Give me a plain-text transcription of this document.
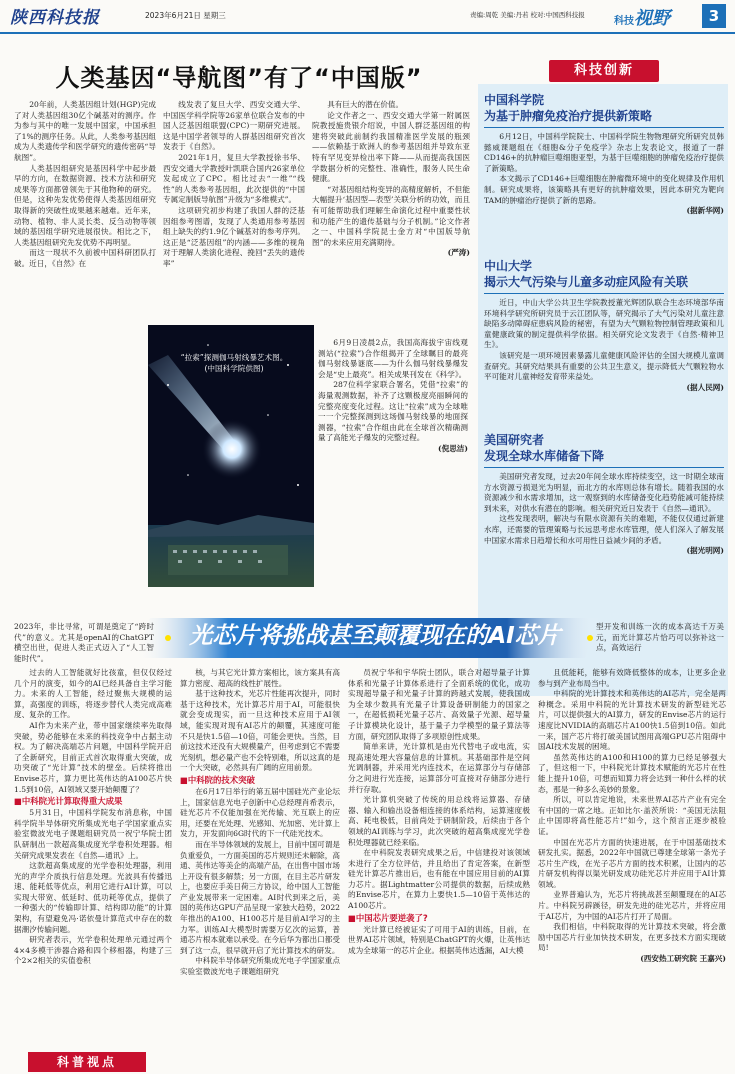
陕西科技报	2023年6月21日 星期三	责编:周乾 美编:丹若 校对:中国西科技报
科技视野	3
人类基因“导航图”有了“中国版”

20年前，人类基因组计划(HGP)完成了对人类基因组30亿个碱基对的测序。作为参与其中的唯一发展中国家，中国承担了1%的测序任务。从此，人类参考基因组成为人类遗传学和医学研究的遗传密码“导航图”。

人类基因组研究是基因科学中起步最早的方向，在数据资源、技术方法和研究成果等方面都曾领先于其他物种的研究。但是，这种先发优势使得人类基因组研究取得新的突破性成果越来越难。近年来，动物、植物、非人灵长类、反刍动物等领域的基因组学研究进展很快。相比之下，人类基因组研究先发优势不再明显。

而这一现状不久前被中国科研团队打破。近日，《自然》在

线发表了复旦大学、西安交通大学、中国医学科学院等26家单位联合发布的中国人泛基因组联盟(CPC)一期研究进展。这是中国学者领导的人群基因组研究首次发表于《自然》。

2021年1月，复旦大学教授徐书华、西安交通大学教授叶凯联合国内26家单位发起成立了CPC。相比过去“一维”“线性”的人类参考基因组，此次提供的“中国专属定制版导航图”升级为“多维模式”。

这项研究初步构建了我国人群的泛基因组参考图谱，发现了人类通用参考基因组上缺失的约1.9亿个碱基对的参考序列。这正是“泛基因组”的内涵——多维的视角对于理解人类演化进程、挽回“丢失的遗传率”

具有巨大的潜在价值。

论文作者之一、西安交通大学第一附属医院教授施贵银介绍说，中国人群泛基因组的构建将突破此前制约我国精准医学发展的瓶颈——依赖基于欧洲人的参考基因组并导致东亚特有罕见变异检出率下降——从而提高我国医学数据分析的完整性、准确性，服务人民生命健康。

“对基因组结构变异的高精度解析，不但能大幅提升‘基因型—表型’关联分析的功效，而且有可能帮助我们理解生命演化过程中重要性状和功能产生的遗传基础与分子机制。”论文作者之一、中国科学院昆士金方对“中国版导航图”的未来应用充满期待。

(严涛)

“拉索”探测伽马射线暴艺术图。
(中国科学院供图)

6月9日凌晨2点，我国高海拔宇宙线观测站(“拉索”)合作组揭开了全球瞩目的最亮伽马射线暴谜底——为什么伽马射线暴爆发会是“史上最亮”。相关成果刊发在《科学》。

287位科学家联合署名，凭借“拉索”的海量观测数据，补齐了这颗极度亮丽瞬间的完整亮度变化过程。这让“拉索”成为全球唯一一个完整探测到这场伽马射线暴的地面探测器，“拉索”合作组由此在全球首次精确测量了高能光子爆发的完整过程。

(倪思洁)

科技创新
中国科学院
为基于肿瘤免疫治疗提供新策略

6月12日，中国科学院院士、中国科学院生物物理研究所研究员韩懿威课题组在《细胞&分子免疫学》杂志上发表论文，报道了一群CD146+的抗肿瘤巨噬细胞亚型，为基于巨噬细胞的肿瘤免疫治疗提供了新策略。

本文揭示了CD146+巨噬细胞在肿瘤微环境中的变化规律及作用机制。研究成果将，该策略具有更好的抗肿瘤效果，因此本研究为靶向TAM的肿瘤治疗提供了新的思路。

(据新华网)

中山大学
揭示大气污染与儿童多动症风险有关联

近日，中山大学公共卫生学院教授董光辉团队联合生态环境部华南环境科学研究所研究员于云江团队等，研究揭示了大气污染对儿童注意缺陷多动障碍症患病风险的秘密，有望为大气颗粒物控制管理政策和儿童健康政策的制定提供科学依据。相关研究论文发表于《自然·精神卫生》。

该研究是一项环境因素暴露儿童健康风险评估的全国大规模儿童调查研究。其研究结果具有重要的公共卫生意义，提示降低大气颗粒物水平可能对儿童神经发育带来益处。

(据人民网)

美国研究者
发现全球水库储备下降

美国研究者发现，过去20年间全球水库持续变空，这一时期全球南方水资源亏损退光为明显，而北方的水库则总体有增长。随着我国的水资源减少和水需求增加，这一观察到的水库储备变化趋势能减可能持续到未来，对供水有潜在的影响。相关研究近日发表于《自然—通讯》。

这些发现表明，解决与有限水资源有关的难题，不能仅仅通过新建水库，还需要的管理策略与长远思考虑水库管理，使人们深入了解发展中国家水需求日趋增长和水可用性日益减少间的矛盾。

(据光明网)

光芯片将挑战甚至颠覆现在的AI芯片

2023年，非比寻常，可谓是奠定了“跨时代”的意义。尤其是openAI的ChatGPT横空出世，促进人类正式迈入了“人工智能时代”。

型开发和训练一次的成本高达千万美元，而光计算芯片恰巧可以弥补这一点，高效运行

过去的人工智能就好比孩童，但仅仅经过几个月的演变，如今的AI已经具备自主学习能力。未来的人工智能，经过聚焦大规模的运算，高强度的训练，将逐步替代人类完成高难度、复杂的工作。

AI作为未来产业，带中国家继续率先取得突破，势必能够在未来的科技竞争中占据主动权。为了解决高端芯片问题，中国科学院开启了全新研究，目前正式首次取得重大突破，成功突破了“光计算”技术的壁垒。后续将推出Envise芯片，算力更比英伟达的A100芯片快1.5到10倍，AI领域又要开始颠覆了？

■中科院光计算取得重大成果

5月31日，中国科学院发布消息称，中国科学院半导体研究所集成光电子学国家重点实验室微波光电子课题组研究员一祝宁华院士团队研制出一款超高集成度光学卷积处理器。相关研究成果发表在《自然—通讯》上。

这款超高集成度的光学卷积处理器，利用光的声学介质执行信息处理。光波具有传播迅速、能耗低等优点，利用它进行AI计算，可以实现大带宽、低延时、低功耗等优点，提供了一种强大的“传输即计算、结构即功能”的计算架构，有望避免冯·诺依曼计算范式中存在的数据潮汐传输问题。

研究者表示，光学卷积处理单元通过两个4×4多模干涉器合路和四个移相器，构建了三个2×2相关的实值卷积

核，与其它光计算方案相比，该方案具有高算力密度、超高的线性扩展性。

基于这种技术，光芯片性能再次提升，同时基于这种技术，光计算芯片用于AI，可能很快就会变成现实，而一旦这种技术应用于AI领域，能实现对现有AI芯片的颠覆，其速度可能不只是快1.5倍—10倍，可能会更快。当然，目前这技术还没有大规模量产，但考虑到它不需要光刻机，想必量产也不会特别难，所以这真的是一个大突破，必然具有广阔的应用前景。

■中科院的技术突破

在6月17日举行的第五届中国硅光产业论坛上，国家信息光电子创新中心总经理肖希表示，硅光芯片不仅能加强在光传输、光互联上的应用，还要在光处理、光感知、光加密、光计算上发力，开发面向6G时代的下一代硅光技术。

而在半导体领域的发展上，目前中国可谓是负重爱负，一方面美国的芯片规则还未解除，高通、英伟达等美企的高端产品，在出售中国市场上开设有很多解禁；另一方面，在目主芯片研发上，也要应手美日荷三方协议，给中国人工智能产业发展带来一定困难。AI时代到来之后，美国的英伟达GPU产品呈现一家独大趋势，2022年推出的A100、H100芯片是目前AI学习的主力军。训练AI大模型时需要万亿次的运算，普通芯片根本就难以承受。在今后华为都出口都受到了这一点，很早就开启了光计算技术的研发。

中科院半导体研究所集成光电子学国家重点实验室微波光电子课题组研究

员祝宁华和宇华院士团队，联合对超导量子计算体系和光量子计算体系进行了全面系统的优化，成功实现超导量子和光量子计算的跨越式发展，使我国成为全球少数具有光量子计算设备研制能力的国家之一，在超低损耗光量子芯片、高效量子光源、超导量子计算模块化设计，基于量子力学模型的量子算法等方面，研究团队取得了多项原创性成果。

简单来讲，光计算机是由光代替电子或电流，实现高速处理大容量信息的计算机。其基础部件是空间光调制器，并采用光内连技术，在运算部分与存储部分之间进行光连接，运算部分可直接对存储部分进行并行存取。

光计算机突破了传统的用总线将运算器、存储器、输入和输出设备相连接的体系结构，运算速度极高、耗电极低，目前尚处于研制阶段，后续由于各个领域的AI训练与学习，此次突破的超高集成度光学卷积处理器就已经来临。

在中科院发表研究成果之后，中信建投对该领域未进行了全方位评估，并且给出了肯定答案，在新型硅光计算芯片推出后，也有能在中国应用目前的AI算力芯片。据Lightmatter公司提供的数据，后续成熟的Envise芯片，在算力上要快1.5—10倍于英伟达的A100芯片。

■中国芯片要逆袭了?

光计算已经被证实了可用于AI的训练，目前，在世界AI芯片领域，特别是ChatGPT的火爆，让英伟达成为全球第一的芯片企业。根据英伟达透漏，AI大模

且低能耗，能够有效降低整体的成本，让更多企业参与到产业布局当中。

中科院的光计算技术和英伟达的AI芯片，完全是两种概念。采用中科院的光计算技术研发的新型硅光芯片，可以提供强大的AI算力，研发的Envise芯片的运行速度比NVIDIA的高端芯片A100快1.5倍到10倍。如此一来，国产芯片将打破美国试图用高端GPU芯片阻碍中国AI技术发展的困境。

虽然英伟达的A100和H100的算力已经足够强大了，但这相一下，中科院光计算技术赋能的光芯片在性能上提升10倍，可想而知算力将会达到一种什么样的状态，那是一种多么美妙的景象。

所以，可以肯定地说，未来世界AI芯片产业有完全有中国的一席之地。正如比尔·盖茨所说：“美国无法阻止中国即将高性能芯片!”如今，这个预言正逐步被验证。

中国在光芯片方面的快速进展，在于中国基础技术研发扎实。据悉，2022年中国就已尊建全球第一条光子芯片生产线，在光子芯片方面的技术积累，让国内的芯片研发机构得以渠光研发成功硅光芯片并应用于AI计算领域。

业界普遍认为，光芯片将挑战甚至颠覆现在的AI芯片。中科院另辟蹊径，研发先进的硅光芯片，并将应用于AI芯片，为中国的AI芯片打开了局面。

我们相信，中科院取得的光计算技术突破，将会激励中国芯片行业加快技术研发，在更多技术方面实现破局!

(西安热工研究院 王嘉兴)

科普视点
